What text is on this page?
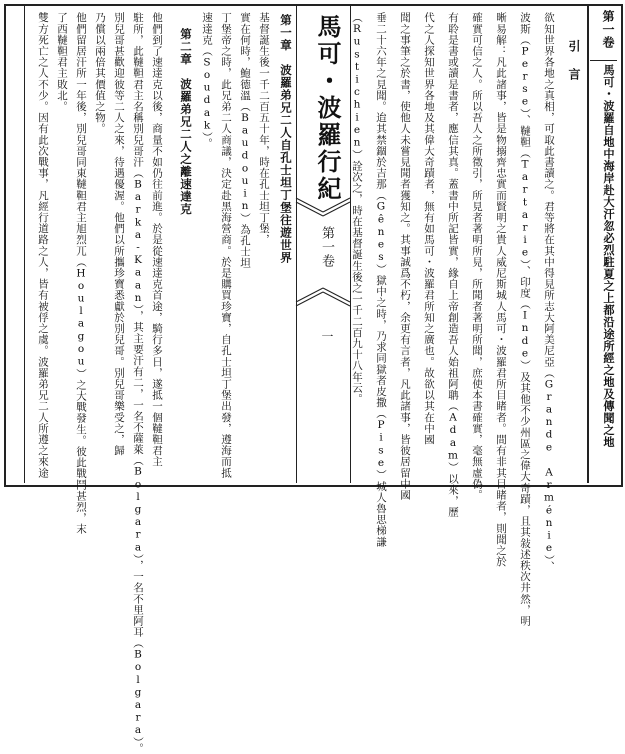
第一卷
馬可・波羅自地中海岸赴大汗忽必烈駐夏之上都沿途所經之地及傳聞之地
引 言
欲知世界各地之真相，可取此書讀之。君等將在其中得見所志大阿美尼亞（Grande Arménie）、
波斯（Perse）、韃靼（Tartarie）、印度（Inde）及其他不少州區之偉大奇蹟，且其敍述秩次井然，明
晰易解：凡此諸事，皆是物搦齊忠實而賢明之貴人威尼斯城人馬可・波羅君所目睹者。間有非其目睹者，則聞之於
確實可信之人。所以吾人之所徵引，所見者著明所見，所聞者著明所聞，庶使本書確實，毫無虛偽。
有聆是書或讀是書者，應信其真。蓋書中所記皆實，緣自上帝創造吾人始祖阿聃（Adam）以來，歷
代之人探知世界各地及其偉大奇蹟者，無有如馬可・波羅君所知之廣也。故欲以其在中國
聞之事筆之於書，使他人未嘗見聞者獲知之。其事誠爲不朽，余更有言者，凡此諸事，皆彼居留中國
垂二十六年之見聞。迨其禁錮於吉那（Gênes）獄中之時，乃求同獄者皮撒（Pise）城人魯思梯謙
（Rustichien）詮次之，時在基督誕生後之一千二百九十八年云。
馬可・波羅行紀
第一卷
一
第一章　波羅弟兄二人自孔士坦丁堡往遊世界
基督誕生後一千二百五十年，時在孔士坦丁堡，
實在何時，鮑德溫（Baudouin）為孔士坦
丁堡帝之時，此兄弟二人商議，決定赴黑海營商。於是購買珍寶，自孔士坦丁堡出發，遵海而抵
速達克（Soudak）。
第二章　波羅弟兄二人之離速達克
他們到了速達克以後，商量不如仍往前進。於是從速達克首途，騎行多日，遂抵一個韃靼君主
駐所，此韃靼君主名稱別兒哥汗（Barka-Kaan），其主要汗有二，一名不薩萊（Bolgara），一名不里阿耳（Bolgara）。
別兒哥甚歡迎彼等二人之來，待遇優渥。他們以所攜珍寶悉獻於別兒哥。別兒哥樂受之，歸
乃償以兩倍其價值之物。
他們留居汗所一年後，別兒哥同東韃靼君主旭烈兀（Houlagou）之大戰發生。彼此戰鬥甚烈，末
了西韃靼君主敗北。
雙方死亡之人不少。因有此次戰事，凡經行道路之人，皆有被俘之虞。波羅弟兄二人所遵之來途
